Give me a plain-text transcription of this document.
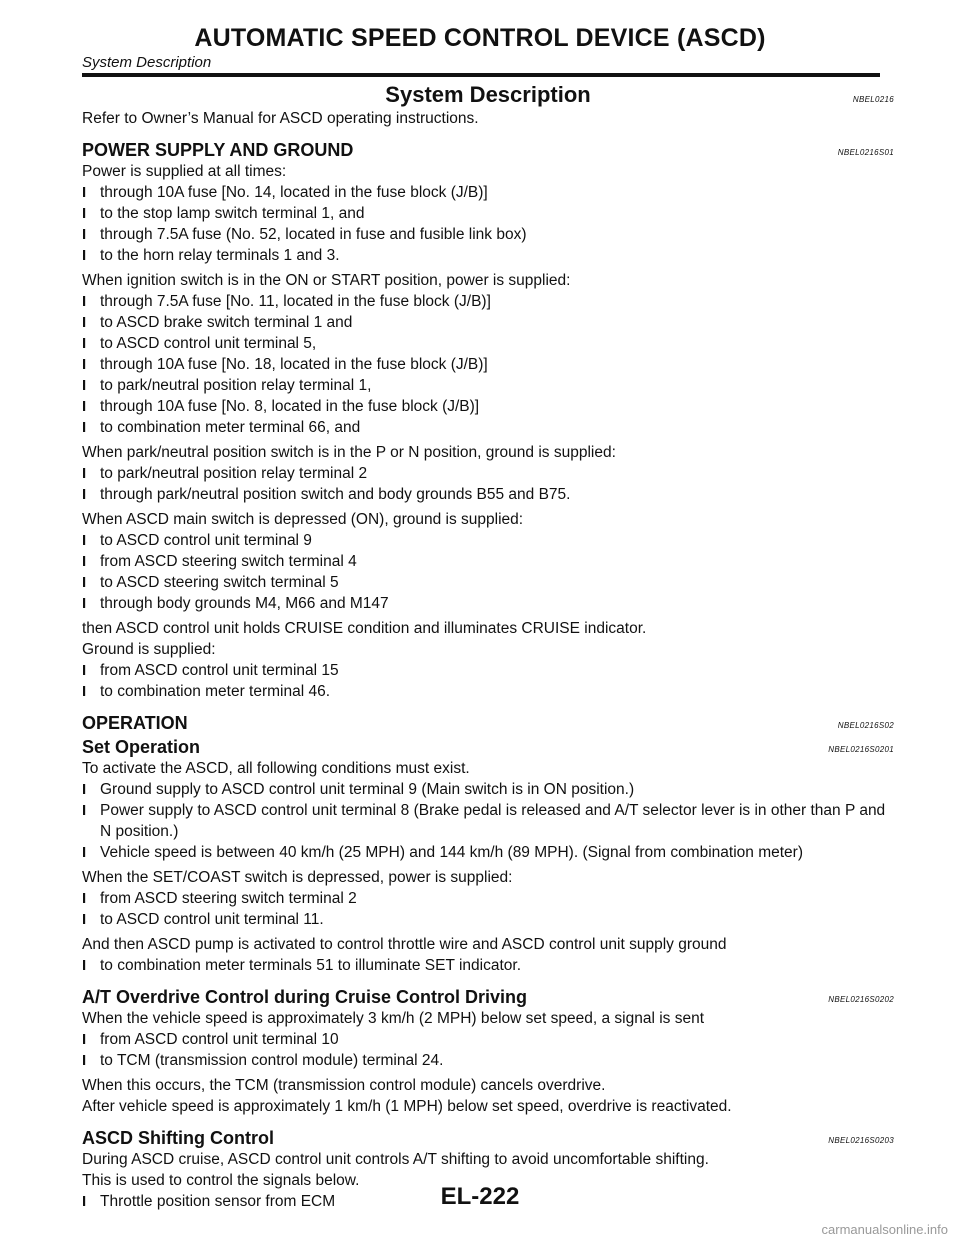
AUTOMATIC SPEED CONTROL DEVICE (ASCD)
System Description
System Description	NBEL0216
Refer to Owner’s Manual for ASCD operating instructions.
POWER SUPPLY AND GROUND	NBEL0216S01
Power is supplied at all times:
I through 10A fuse [No. 14, located in the fuse block (J/B)]
I to the stop lamp switch terminal 1, and
I through 7.5A fuse (No. 52, located in fuse and fusible link box)
I to the horn relay terminals 1 and 3.
When ignition switch is in the ON or START position, power is supplied:
I through 7.5A fuse [No. 11, located in the fuse block (J/B)]
I to ASCD brake switch terminal 1 and
I to ASCD control unit terminal 5,
I through 10A fuse [No. 18, located in the fuse block (J/B)]
I to park/neutral position relay terminal 1,
I through 10A fuse [No. 8, located in the fuse block (J/B)]
I to combination meter terminal 66, and
When park/neutral position switch is in the P or N position, ground is supplied:
I to park/neutral position relay terminal 2
I through park/neutral position switch and body grounds B55 and B75.
When ASCD main switch is depressed (ON), ground is supplied:
I to ASCD control unit terminal 9
I from ASCD steering switch terminal 4
I to ASCD steering switch terminal 5
I through body grounds M4, M66 and M147
then ASCD control unit holds CRUISE condition and illuminates CRUISE indicator.
Ground is supplied:
I from ASCD control unit terminal 15
I to combination meter terminal 46.
OPERATION	NBEL0216S02
Set Operation	NBEL0216S0201
To activate the ASCD, all following conditions must exist.
I Ground supply to ASCD control unit terminal 9 (Main switch is in ON position.)
I Power supply to ASCD control unit terminal 8 (Brake pedal is released and A/T selector lever is in other than P and N position.)
I Vehicle speed is between 40 km/h (25 MPH) and 144 km/h (89 MPH). (Signal from combination meter)
When the SET/COAST switch is depressed, power is supplied:
I from ASCD steering switch terminal 2
I to ASCD control unit terminal 11.
And then ASCD pump is activated to control throttle wire and ASCD control unit supply ground
I to combination meter terminals 51 to illuminate SET indicator.
A/T Overdrive Control during Cruise Control Driving	NBEL0216S0202
When the vehicle speed is approximately 3 km/h (2 MPH) below set speed, a signal is sent
I from ASCD control unit terminal 10
I to TCM (transmission control module) terminal 24.
When this occurs, the TCM (transmission control module) cancels overdrive.
After vehicle speed is approximately 1 km/h (1 MPH) below set speed, overdrive is reactivated.
ASCD Shifting Control	NBEL0216S0203
During ASCD cruise, ASCD control unit controls A/T shifting to avoid uncomfortable shifting.
This is used to control the signals below.
I Throttle position sensor from ECM	EL-222
carmanualsonline.info
